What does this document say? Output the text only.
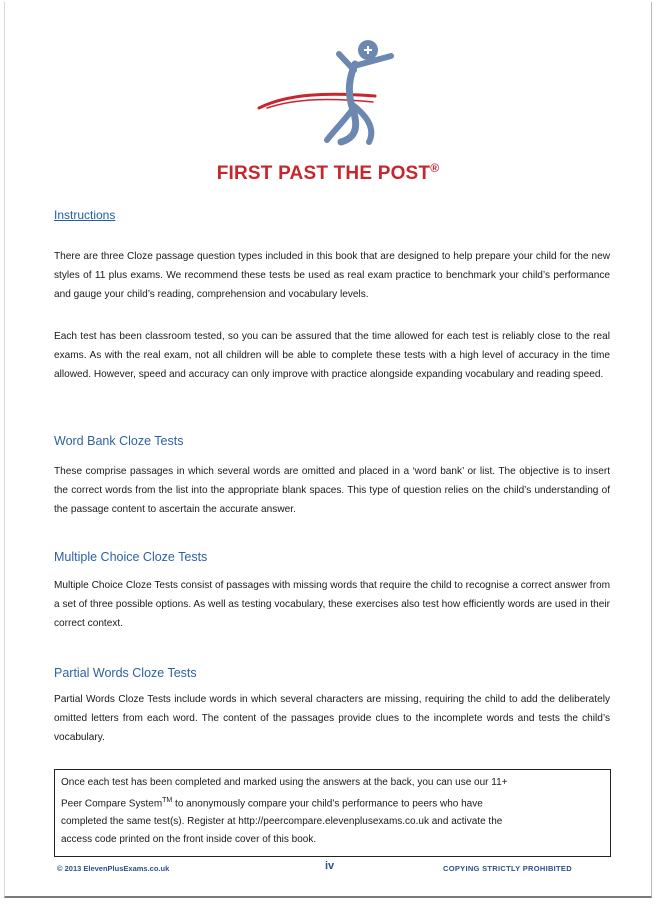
FIRST PAST THE POST®
Instructions

There are three Cloze passage question types included in this book that are designed to help prepare your child for the new styles of 11 plus exams. We recommend these tests be used as real exam practice to benchmark your child’s performance and gauge your child’s reading, comprehension and vocabulary levels.

Each test has been classroom tested, so you can be assured that the time allowed for each test is reliably close to the real exams. As with the real exam, not all children will be able to complete these tests with a high level of accuracy in the time allowed. However, speed and accuracy can only improve with practice alongside expanding vocabulary and reading speed.

Word Bank Cloze Tests

These comprise passages in which several words are omitted and placed in a ‘word bank’ or list. The objective is to insert the correct words from the list into the appropriate blank spaces. This type of question relies on the child’s understanding of the passage content to ascertain the accurate answer.

Multiple Choice Cloze Tests

Multiple Choice Cloze Tests consist of passages with missing words that require the child to recognise a correct answer from a set of three possible options. As well as testing vocabulary, these exercises also test how efficiently words are used in their correct context.

Partial Words Cloze Tests

Partial Words Cloze Tests include words in which several characters are missing, requiring the child to add the deliberately omitted letters from each word. The content of the passages provide clues to the incomplete words and tests the child’s vocabulary.

Once each test has been completed and marked using the answers at the back, you can use our 11+
Peer Compare System™ to anonymously compare your child’s performance to peers who have
completed the same test(s). Register at http://peercompare.elevenplusexams.co.uk and activate the
access code printed on the front inside cover of this book.
© 2013 ElevenPlusExams.co.uk	iv	COPYING STRICTLY PROHIBITED
